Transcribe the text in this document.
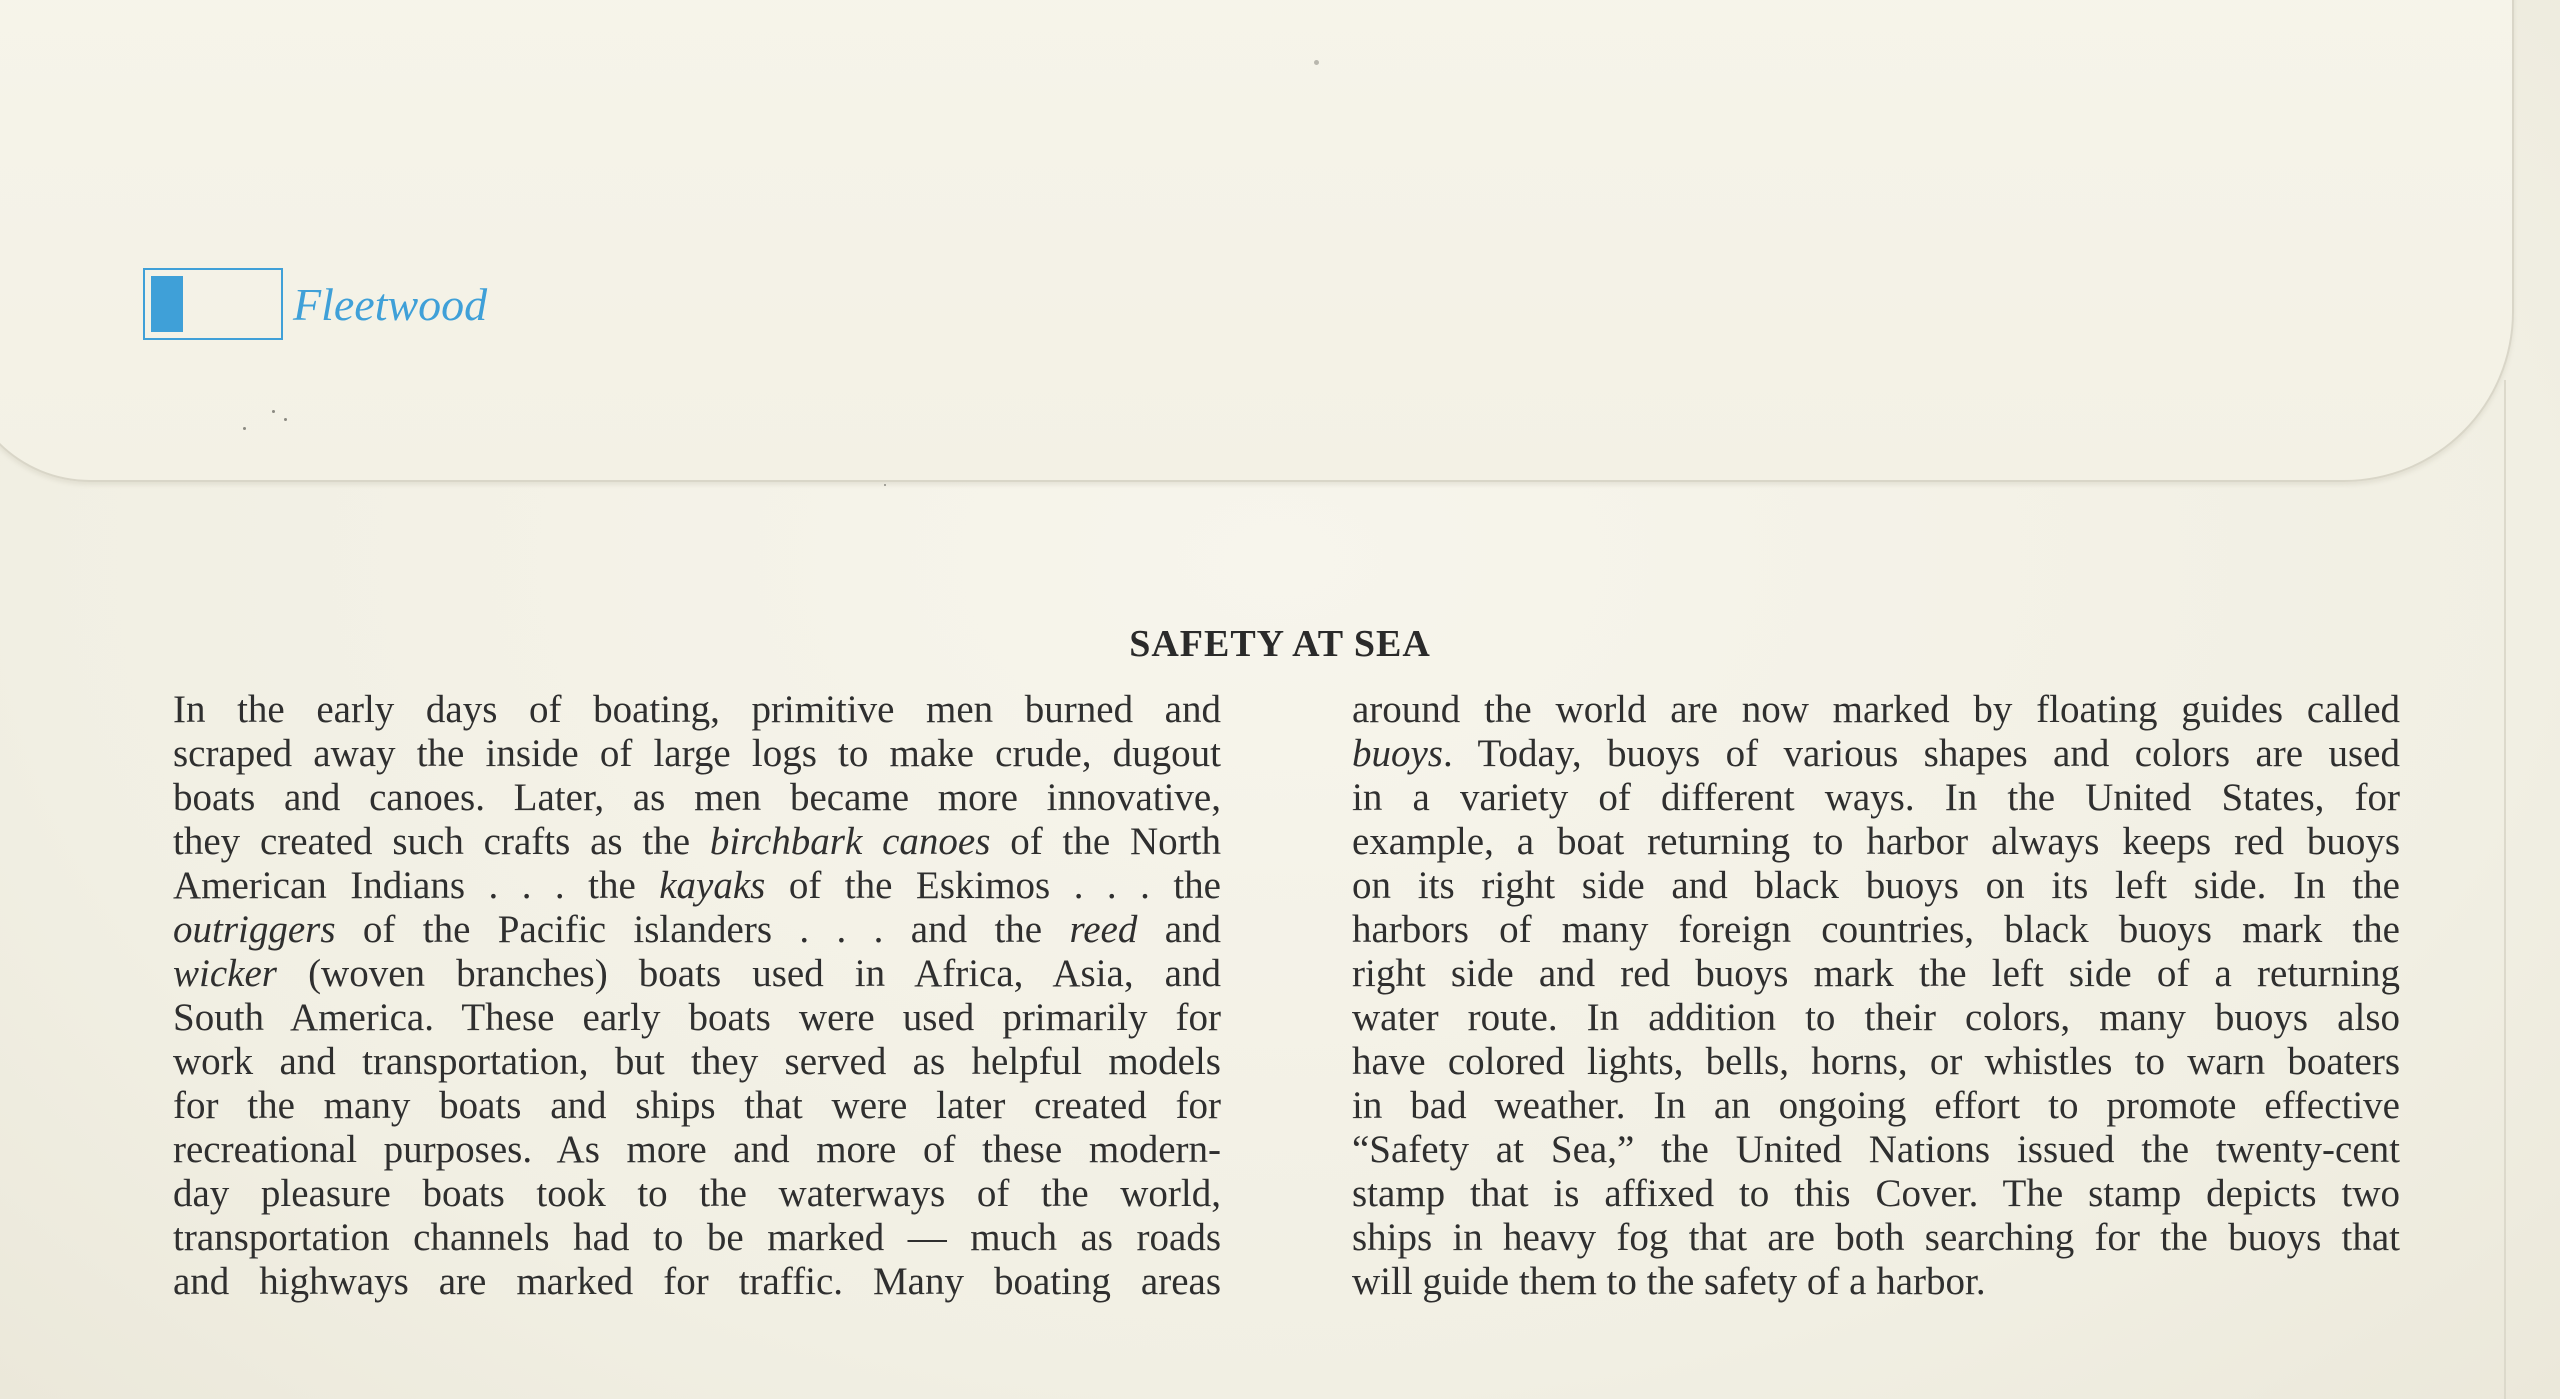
Fleetwood
SAFETY AT SEA
In the early days of boating, primitive men burned and
scraped away the inside of large logs to make crude, dugout
boats and canoes. Later, as men became more innovative,
they created such crafts as the birchbark canoes of the North
American Indians . . . the kayaks of the Eskimos . . . the
outriggers of the Pacific islanders . . . and the reed and
wicker (woven branches) boats used in Africa, Asia, and
South America. These early boats were used primarily for
work and transportation, but they served as helpful models
for the many boats and ships that were later created for
recreational purposes. As more and more of these modern-
day pleasure boats took to the waterways of the world,
transportation channels had to be marked — much as roads
and highways are marked for traffic. Many boating areas
around the world are now marked by floating guides called
buoys. Today, buoys of various shapes and colors are used
in a variety of different ways. In the United States, for
example, a boat returning to harbor always keeps red buoys
on its right side and black buoys on its left side. In the
harbors of many foreign countries, black buoys mark the
right side and red buoys mark the left side of a returning
water route. In addition to their colors, many buoys also
have colored lights, bells, horns, or whistles to warn boaters
in bad weather. In an ongoing effort to promote effective
“Safety at Sea,” the United Nations issued the twenty-cent
stamp that is affixed to this Cover. The stamp depicts two
ships in heavy fog that are both searching for the buoys that
will guide them to the safety of a harbor.
